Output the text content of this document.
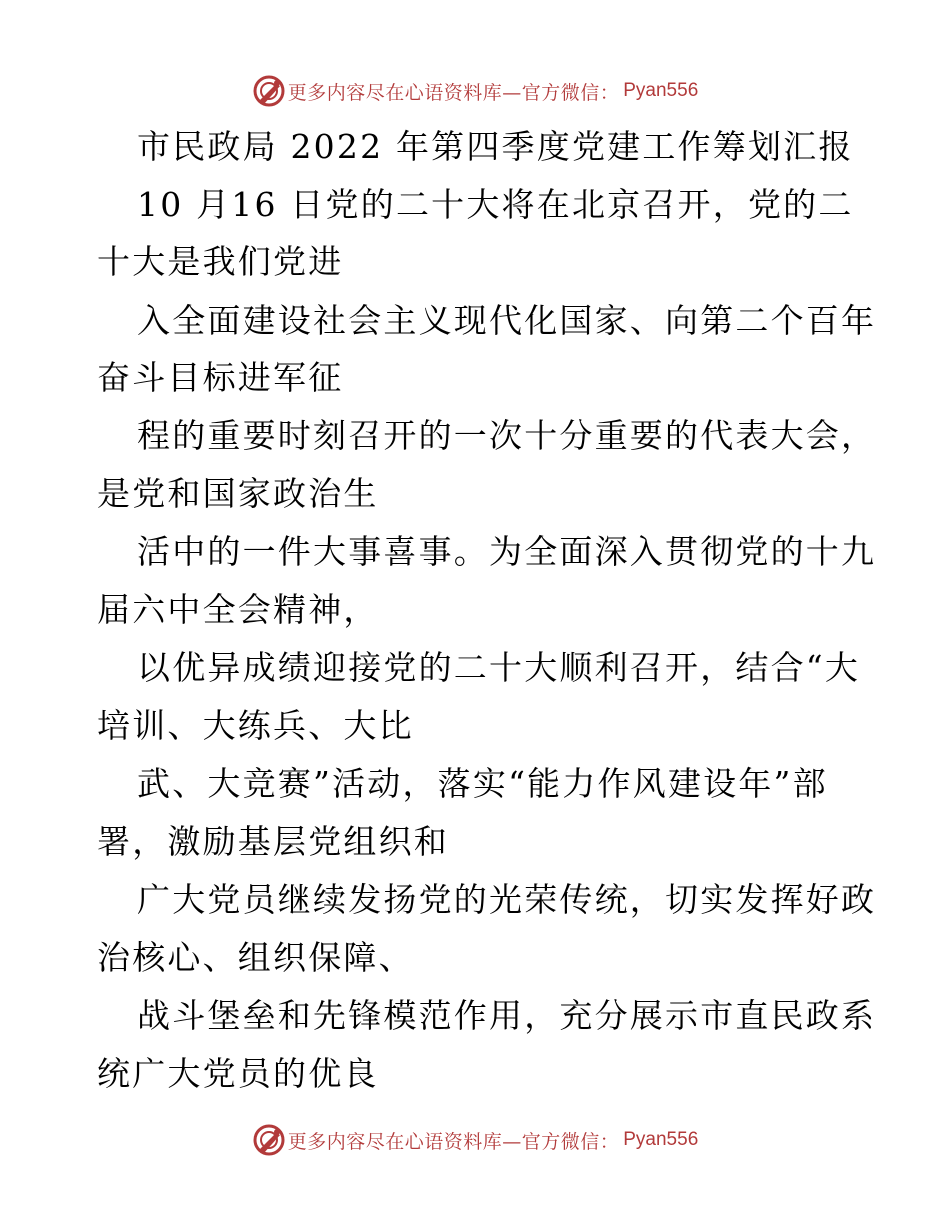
更多内容尽在心语资料库—官方微信： Pyan556
市民政局 2022 年第四季度党建工作筹划汇报
10 月16 日党的二十大将在北京召开，党的二
十大是我们党进
入全面建设社会主义现代化国家、向第二个百年
奋斗目标进军征
程的重要时刻召开的一次十分重要的代表大会，
是党和国家政治生
活中的一件大事喜事。为全面深入贯彻党的十九
届六中全会精神，
以优异成绩迎接党的二十大顺利召开，结合“大
培训、大练兵、大比
武、大竞赛”活动，落实“能力作风建设年”部
署，激励基层党组织和
广大党员继续发扬党的光荣传统，切实发挥好政
治核心、组织保障、
战斗堡垒和先锋模范作用，充分展示市直民政系
统广大党员的优良
更多内容尽在心语资料库—官方微信： Pyan556
